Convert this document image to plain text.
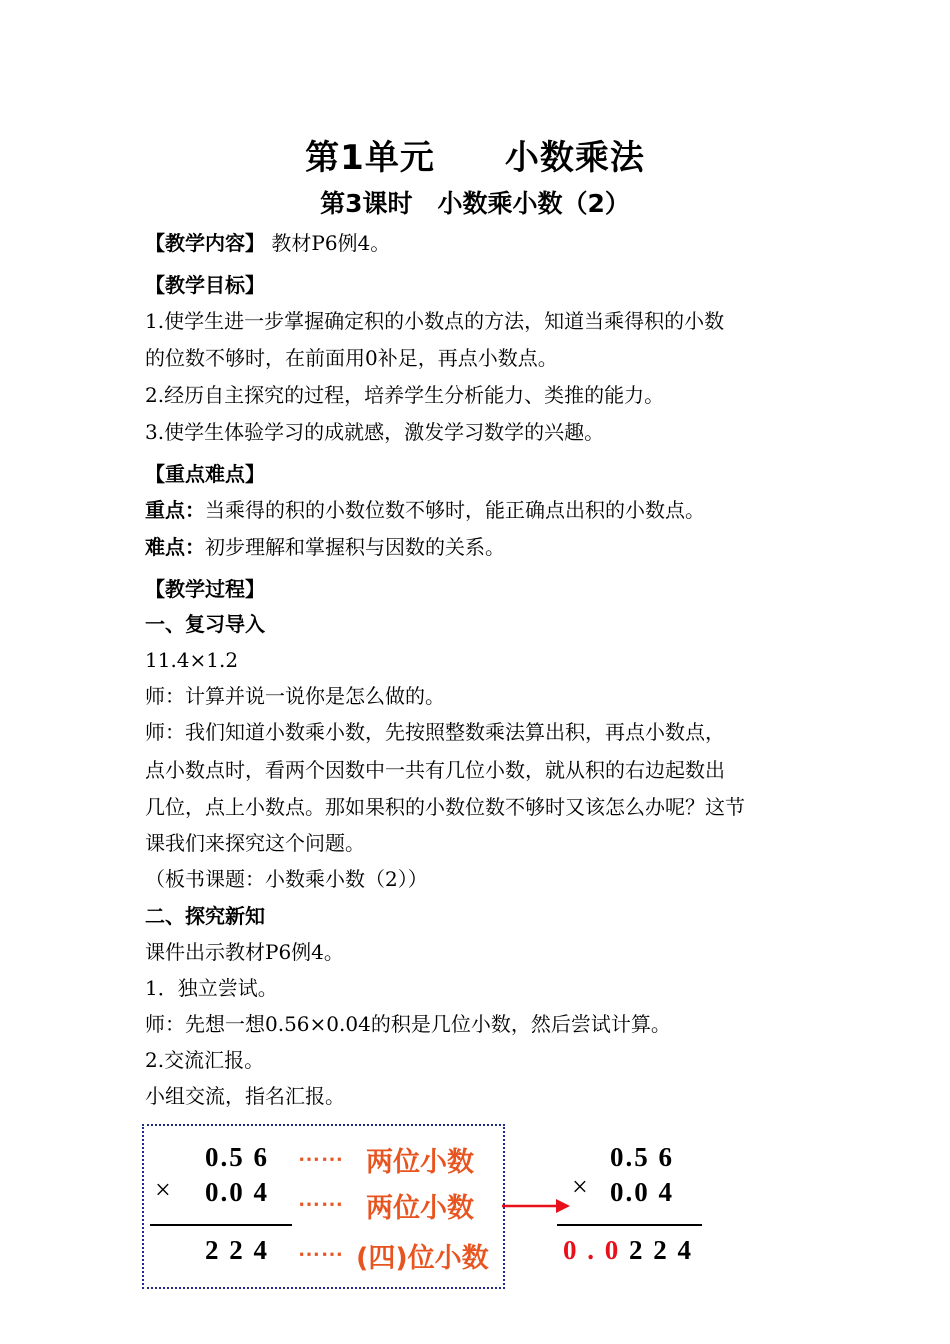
第1单元　　小数乘法
第3课时　小数乘小数（2）
【教学内容】 教材P6例4。
【教学目标】
1.使学生进一步掌握确定积的小数点的方法，知道当乘得积的小数
的位数不够时，在前面用0补足，再点小数点。
2.经历自主探究的过程，培养学生分析能力、类推的能力。
3.使学生体验学习的成就感，激发学习数学的兴趣。
【重点难点】
重点：当乘得的积的小数位数不够时，能正确点出积的小数点。
难点：初步理解和掌握积与因数的关系。
【教学过程】
一、复习导入
11.4×1.2
师：计算并说一说你是怎么做的。
师：我们知道小数乘小数，先按照整数乘法算出积，再点小数点，
点小数点时，看两个因数中一共有几位小数，就从积的右边起数出
几位，点上小数点。那如果积的小数位数不够时又该怎么办呢？这节
课我们来探究这个问题。
（板书课题：小数乘小数（2））
二、探究新知
课件出示教材P6例4。
1．独立尝试。
师：先想一想0.56×0.04的积是几位小数，然后尝试计算。
2.交流汇报。
小组交流，指名汇报。
0.5 6
× 0.0 4
2 2 4
⋯⋯ 两位小数
⋯⋯ 两位小数
⋯⋯ (四)位小数
0.5 6
× 0.0 4
0 . 0 2 2 4
